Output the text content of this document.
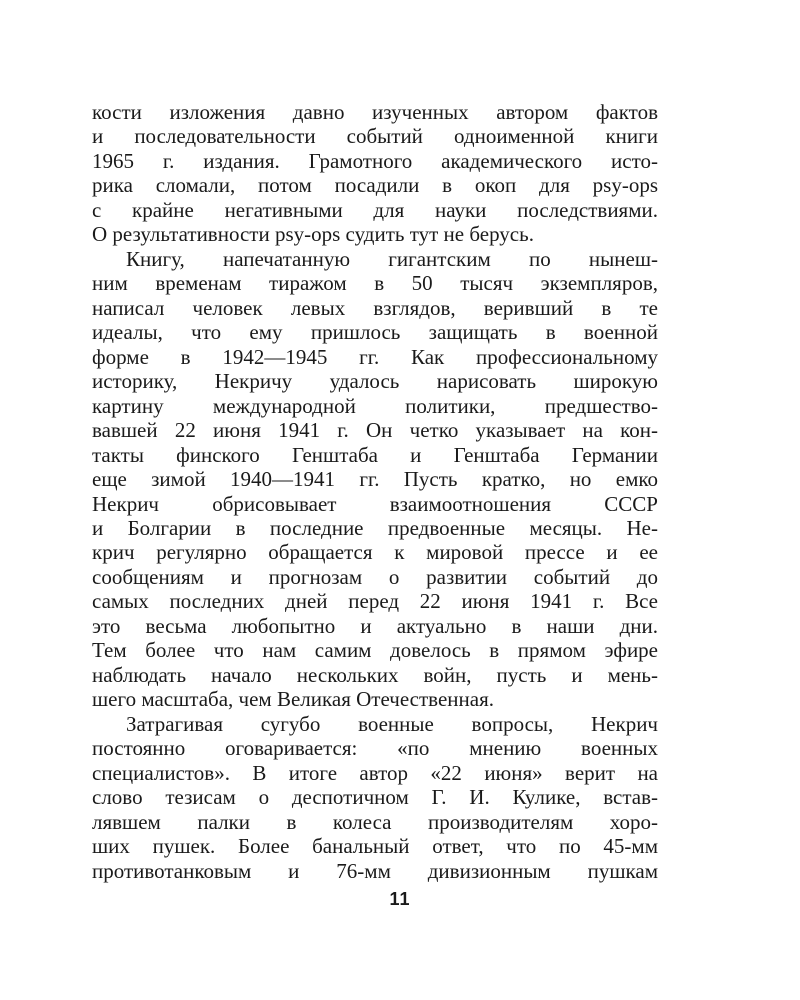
кости изложения давно изученных автором фактов
и последовательности событий одноименной книги
1965 г. издания. Грамотного академического исто-
рика сломали, потом посадили в окоп для psy-ops
с крайне негативными для науки последствиями.
О результативности psy-ops судить тут не берусь.
Книгу, напечатанную гигантским по нынеш-
ним временам тиражом в 50 тысяч экземпляров,
написал человек левых взглядов, веривший в те
идеалы, что ему пришлось защищать в военной
форме в 1942—1945 гг. Как профессиональному
историку, Некричу удалось нарисовать широкую
картину международной политики, предшество-
вавшей 22 июня 1941 г. Он четко указывает на кон-
такты финского Генштаба и Генштаба Германии
еще зимой 1940—1941 гг. Пусть кратко, но емко
Некрич обрисовывает взаимоотношения СССР
и Болгарии в последние предвоенные месяцы. Не-
крич регулярно обращается к мировой прессе и ее
сообщениям и прогнозам о развитии событий до
самых последних дней перед 22 июня 1941 г. Все
это весьма любопытно и актуально в наши дни.
Тем более что нам самим довелось в прямом эфире
наблюдать начало нескольких войн, пусть и мень-
шего масштаба, чем Великая Отечественная.
Затрагивая сугубо военные вопросы, Некрич
постоянно оговаривается: «по мнению военных
специалистов». В итоге автор «22 июня» верит на
слово тезисам о деспотичном Г. И. Кулике, встав-
лявшем палки в колеса производителям хоро-
ших пушек. Более банальный ответ, что по 45-мм
противотанковым и 76-мм дивизионным пушкам
11
